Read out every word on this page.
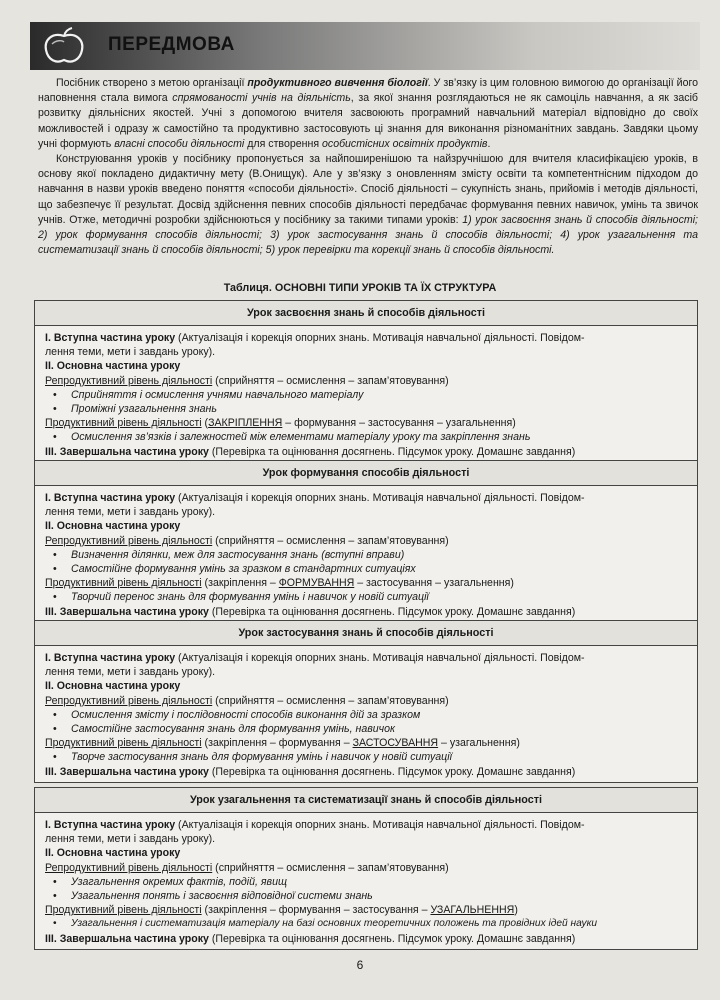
ПЕРЕДМОВА

Посібник створено з метою організації продуктивного вивчення біології. У зв’язку із цим головною вимогою до організації його наповнення стала вимога спрямованості учнів на діяльність, за якої знання розглядаються не як самоціль навчання, а як засіб розвитку діяльнісних якостей. Учні з допомогою вчителя засвоюють програмний навчальний матеріал відповідно до своїх можливостей і одразу ж самостійно та продуктивно застосовують ці знання для виконання різноманітних завдань. Завдяки цьому учні формують власні способи діяльності для створення особистісних освітніх продуктів.

Конструювання уроків у посібнику пропонується за найпоширенішою та найзручнішою для вчителя класифікацією уроків, в основу якої покладено дидактичну мету (В.Онищук). Але у зв’язку з оновленням змісту освіти та компетентнісним підходом до навчання в назви уроків введено поняття «способи діяльності». Спосіб діяльності – сукупність знань, прийомів і методів діяльності, що забезпечує її результат. Досвід здійснення певних способів діяльності передбачає формування певних навичок, умінь та звичок учнів. Отже, методичні розробки здійснюються у посібнику за такими типами уроків: 1) урок засвоєння знань й способів діяльності; 2) урок формування способів діяльності; 3) урок застосування знань й способів діяльності; 4) урок узагальнення та систематизації знань й способів діяльності; 5) урок перевірки та корекції знань й способів діяльності.

Таблиця. ОСНОВНІ ТИПИ УРОКІВ ТА ЇХ СТРУКТУРА
Урок засвоєння знань й способів діяльності
І. Вступна частина уроку (Актуалізація і корекція опорних знань. Мотивація навчальної діяльності. Повідом-
лення теми, мети і завдань уроку).
ІІ. Основна частина уроку
Репродуктивний рівень діяльності (сприйняття – осмислення – запам’ятовування)
• Сприйняття і осмислення учнями навчального матеріалу
• Проміжні узагальнення знань
Продуктивний рівень діяльності (ЗАКРІПЛЕННЯ – формування – застосування – узагальнення)
• Осмислення зв’язків і залежностей між елементами матеріалу уроку та закріплення знань
ІІІ. Завершальна частина уроку (Перевірка та оцінювання досягнень. Підсумок уроку. Домашнє завдання)
Урок формування способів діяльності
І. Вступна частина уроку (Актуалізація і корекція опорних знань. Мотивація навчальної діяльності. Повідом-
лення теми, мети і завдань уроку).
ІІ. Основна частина уроку
Репродуктивний рівень діяльності (сприйняття – осмислення – запам’ятовування)
• Визначення ділянки, меж для застосування знань (вступні вправи)
• Самостійне формування умінь за зразком в стандартних ситуаціях
Продуктивний рівень діяльності (закріплення – ФОРМУВАННЯ – застосування – узагальнення)
• Творчий перенос знань для формування умінь і навичок у новій ситуації
ІІІ. Завершальна частина уроку (Перевірка та оцінювання досягнень. Підсумок уроку. Домашнє завдання)
Урок застосування знань й способів діяльності
І. Вступна частина уроку (Актуалізація і корекція опорних знань. Мотивація навчальної діяльності. Повідом-
лення теми, мети і завдань уроку).
ІІ. Основна частина уроку
Репродуктивний рівень діяльності (сприйняття – осмислення – запам’ятовування)
• Осмислення змісту і послідовності способів виконання дій за зразком
• Самостійне застосування знань для формування умінь, навичок
Продуктивний рівень діяльності (закріплення – формування – ЗАСТОСУВАННЯ – узагальнення)
• Творче застосування знань для формування умінь і навичок у новій ситуації
ІІІ. Завершальна частина уроку (Перевірка та оцінювання досягнень. Підсумок уроку. Домашнє завдання)
Урок узагальнення та систематизації знань й способів діяльності
І. Вступна частина уроку (Актуалізація і корекція опорних знань. Мотивація навчальної діяльності. Повідом-
лення теми, мети і завдань уроку).
ІІ. Основна частина уроку
Репродуктивний рівень діяльності (сприйняття – осмислення – запам’ятовування)
• Узагальнення окремих фактів, подій, явищ
• Узагальнення понять і засвоєння відповідної системи знань
Продуктивний рівень діяльності (закріплення – формування – застосування – УЗАГАЛЬНЕННЯ)
• Узагальнення і систематизація матеріалу на базі основних теоретичних положень та провідних ідей науки
ІІІ. Завершальна частина уроку (Перевірка та оцінювання досягнень. Підсумок уроку. Домашнє завдання)
6
